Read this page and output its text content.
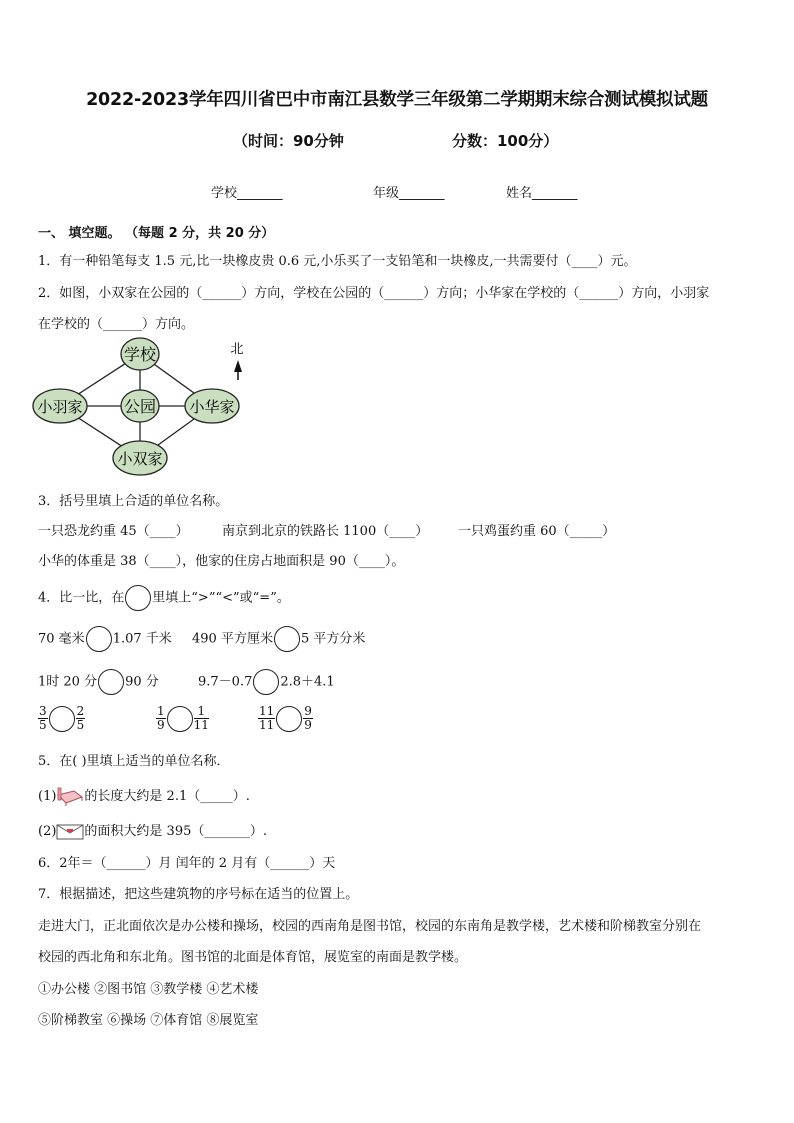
2022-2023学年四川省巴中市南江县数学三年级第二学期期末综合测试模拟试题
（时间：90分钟	分数：100分）
学校_______	年级_______	姓名_______
一、 填空题。 （每题 2 分，共 20 分）
1．有一种铅笔每支 1.5 元,比一块橡皮贵 0.6 元,小乐买了一支铅笔和一块橡皮,一共需要付（____）元。
2．如图，小双家在公园的（______）方向，学校在公园的（______）方向；小华家在学校的（______）方向，小羽家
在学校的（______）方向。
学校
公园
小羽家	小华家
小双家
北
3．括号里填上合适的单位名称。
一只恐龙约重 45（____）	南京到北京的铁路长 1100（____） 一只鸡蛋约重 60（_____）
小华的体重是 38（____），他家的住房占地面积是 90（____）。
4．比一比，在 里填上“>”“<”或“=”。
70 毫米 1.07 千米 490 平方厘米 5 平方分米
1时 20 分 90 分	9.7－0.7 2.8＋4.1
$\frac{3}{5} \frac{2}{5}$	$\frac{1}{9} \frac{1}{11}$	$\frac{11}{11} \frac{9}{9}$
5．在( )里填上适当的单位名称．
(1) 的长度大约是 2.1（_____）.
(2) 的面积大约是 395（_______）.
6．2年＝（______）月 闰年的 2 月有（______）天
7．根据描述，把这些建筑物的序号标在适当的位置上。
走进大门，正北面依次是办公楼和操场，校园的西南角是图书馆，校园的东南角是教学楼，艺术楼和阶梯教室分别在
校园的西北角和东北角。图书馆的北面是体育馆，展览室的南面是教学楼。
①办公楼 ②图书馆 ③教学楼 ④艺术楼
⑤阶梯教室 ⑥操场 ⑦体育馆 ⑧展览室
